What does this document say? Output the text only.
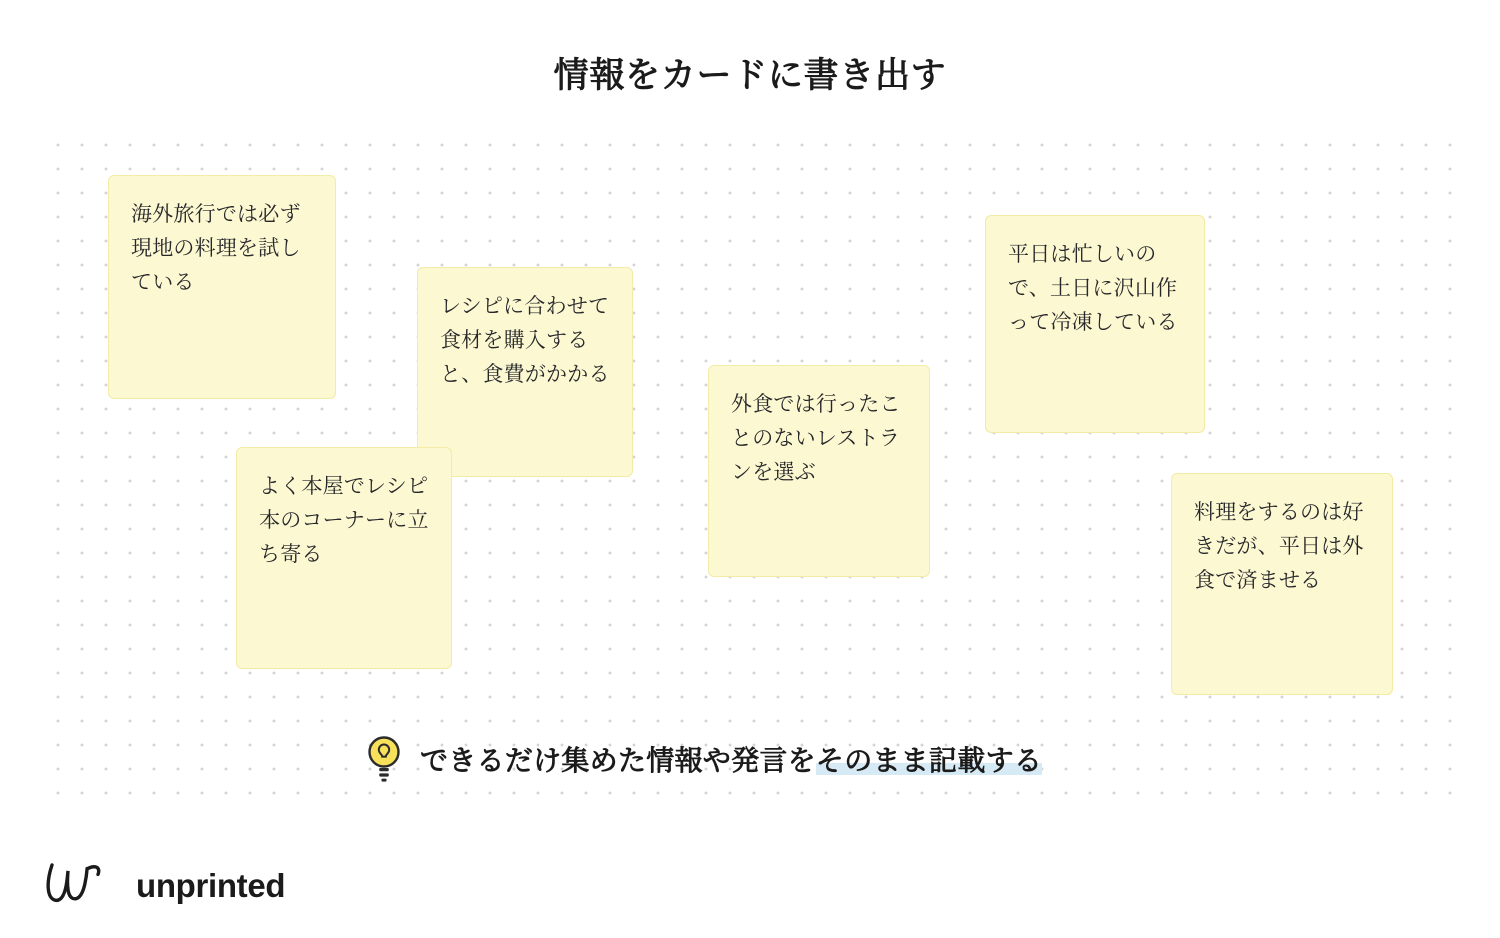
情報をカードに書き出す
海外旅行では必ず現地の料理を試している
レシピに合わせて食材を購入すると、食費がかかる
よく本屋でレシピ本のコーナーに立ち寄る
外食では行ったことのないレストランを選ぶ
平日は忙しいので、土日に沢山作って冷凍している
料理をするのは好きだが、平日は外食で済ませる
できるだけ集めた情報や発言をそのまま記載する
unprinted
